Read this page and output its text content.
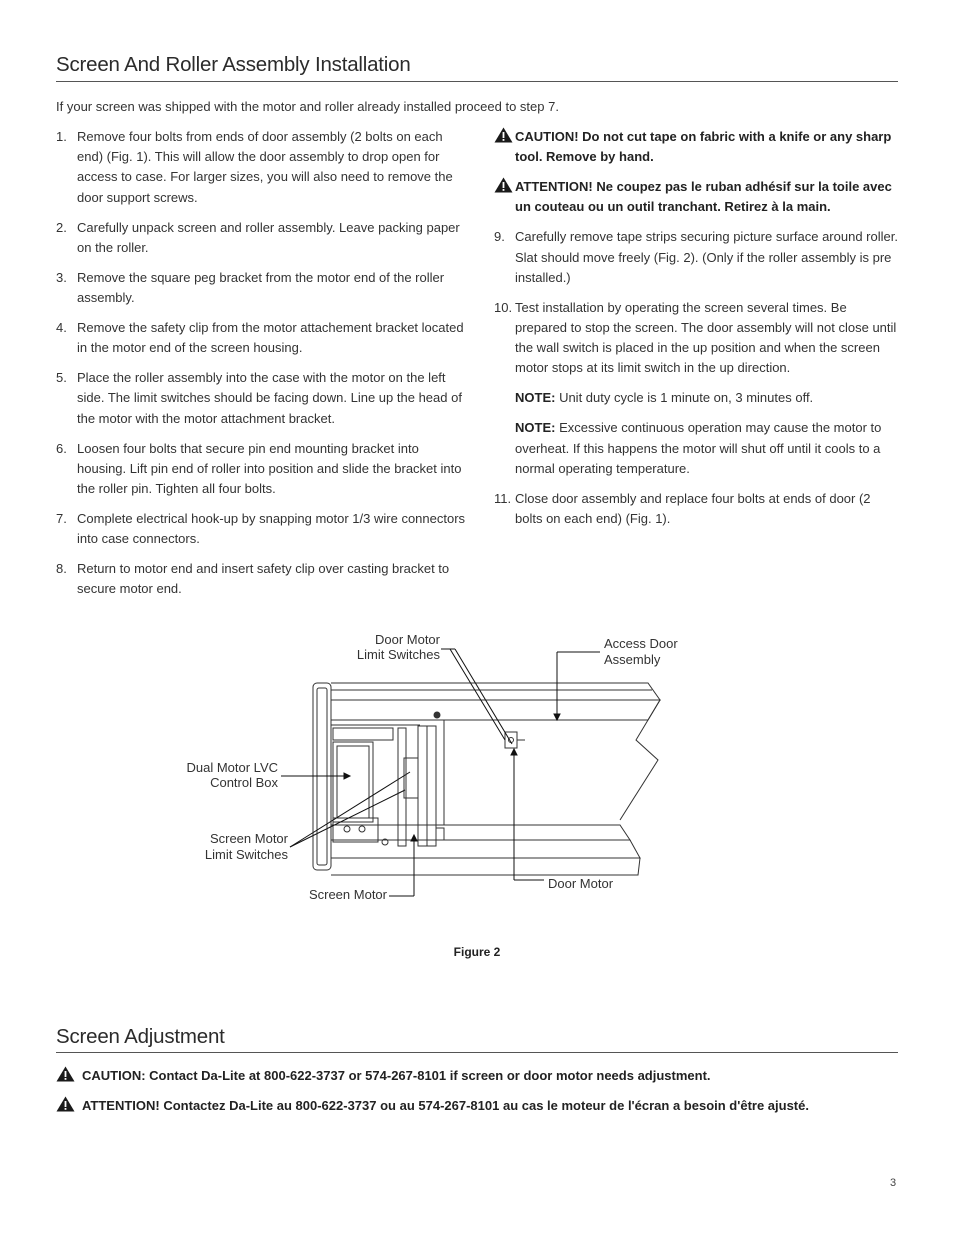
Screen And Roller Assembly Installation
If your screen was shipped with the motor and roller already installed proceed to step 7.
1. Remove four bolts from ends of door assembly (2 bolts on each end) (Fig. 1). This will allow the door assembly to drop open for access to case. For larger sizes, you will also need to remove the door support screws.
2. Carefully unpack screen and roller assembly. Leave packing paper on the roller.
3. Remove the square peg bracket from the motor end of the roller assembly.
4. Remove the safety clip from the motor attachement bracket located in the motor end of the screen housing.
5. Place the roller assembly into the case with the motor on the left side. The limit switches should be facing down. Line up the head of the motor with the motor attachment bracket.
6. Loosen four bolts that secure pin end mounting bracket into housing. Lift pin end of roller into position and slide the bracket into the roller pin. Tighten all four bolts.
7. Complete electrical hook-up by snapping motor 1/3 wire connectors into case connectors.
8. Return to motor end and insert safety clip over casting bracket to secure motor end.
CAUTION! Do not cut tape on fabric with a knife or any sharp tool. Remove by hand.
ATTENTION! Ne coupez pas le ruban adhésif sur la toile avec un couteau ou un outil tranchant. Retirez à la main.
9. Carefully remove tape strips securing picture surface around roller. Slat should move freely (Fig. 2). (Only if the roller assembly is pre installed.)
10. Test installation by operating the screen several times. Be prepared to stop the screen. The door assembly will not close until the wall switch is placed in the up position and when the screen motor stops at its limit switch in the up direction.
NOTE: Unit duty cycle is 1 minute on, 3 minutes off.
NOTE: Excessive continuous operation may cause the motor to overheat. If this happens the motor will shut off until it cools to a normal operating temperature.
11. Close door assembly and replace four bolts at ends of door (2 bolts on each end) (Fig. 1).
Door Motor
Limit Switches
Access Door
Assembly
Dual Motor LVC
Control Box
Screen Motor
Limit Switches
Screen Motor
Door Motor
Figure 2
Screen Adjustment
CAUTION: Contact Da-Lite at 800-622-3737 or 574-267-8101 if screen or door motor needs adjustment.
ATTENTION! Contactez Da-Lite au 800-622-3737 ou au 574-267-8101 au cas le moteur de l'écran a besoin d'être ajusté.
3
